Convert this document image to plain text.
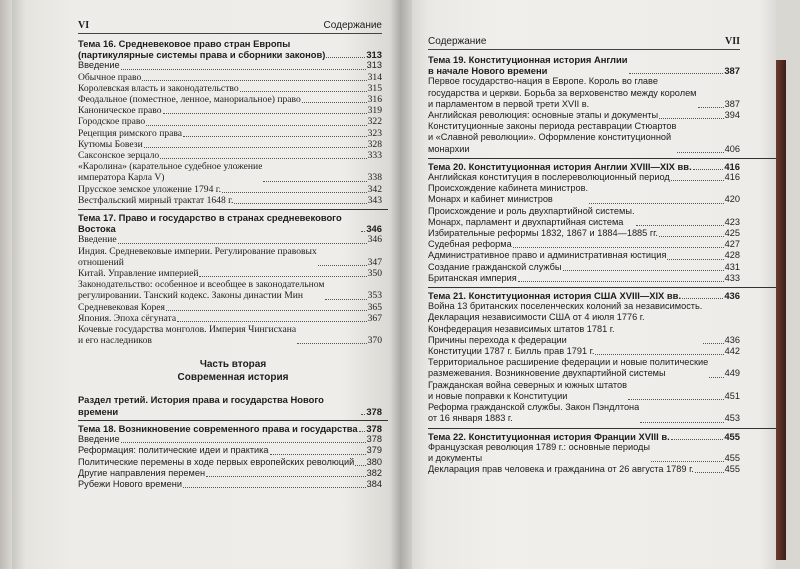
VI	Содержание
Тема 16. Средневековое право стран Европы
(партикулярные системы права и сборники законов)	313
Введение	313
Обычное право	314
Королевская власть и законодательство	315
Феодальное (поместное, ленное, манориальное) право	316
Каноническое право	319
Городское право	322
Рецепция римского права	323
Кутюмы Бовези	328
Саксонское зерцало	333
«Каролина» (карательное судебное уложение
императора Карла V)	338
Прусское земское уложение 1794 г.	342
Вестфальский мирный трактат 1648 г.	343
Тема 17. Право и государство в странах средневекового Востока	346
Введение	346
Индия. Средневековые империи. Регулирование правовых
отношений	347
Китай. Управление империей	350
Законодательство: особенное и всеобщее в законодательном
регулировании. Танский кодекс. Законы династии Мин	353
Средневековая Корея	365
Япония. Эпоха сёгуната	367
Кочевые государства монголов. Империя Чингисхана
и его наследников	370
Часть вторая
Современная история
Раздел третий. История права и государства Нового времени	378
Тема 18. Возникновение современного права и государства 378
Введение	378
Реформация: политические идеи и практика	379
Политические перемены в ходе первых европейских революций 380
Другие направления перемен	382
Рубежи Нового времени	384
Содержание	VII
Тема 19. Конституционная история Англии
в начале Нового времени	387
Первое государство-нация в Европе. Король во главе
государства и церкви. Борьба за верховенство между королем
и парламентом в первой трети XVII в.	387
Английская революция: основные этапы и документы	394
Конституционные законы периода реставрации Стюартов
и «Славной революции». Оформление конституционной
монархии	406
Тема 20. Конституционная история Англии XVIII—XIX вв.	416
Английская конституция в послереволюционный период	416
Происхождение кабинета министров.
Монарх и кабинет министров	420
Происхождение и роль двухпартийной системы.
Монарх, парламент и двухпартийная система	423
Избирательные реформы 1832, 1867 и 1884—1885 гг.	425
Судебная реформа	427
Административное право и административная юстиция	428
Создание гражданской службы	431
Британская империя	433
Тема 21. Конституционная история США XVIII—XIX вв.	436
Война 13 британских поселенческих колоний за независимость.
Декларация независимости США от 4 июля 1776 г.
Конфедерация независимых штатов 1781 г.
Причины перехода к федерации	436
Конституции 1787 г. Билль прав 1791 г.	442
Территориальное расширение федерации и новые политические
размежевания. Возникновение двухпартийной системы	449
Гражданская война северных и южных штатов
и новые поправки к Конституции	451
Реформа гражданской службы. Закон Пэндлтона
от 16 января 1883 г.	453
Тема 22. Конституционная история Франции XVIII в.	455
Французская революция 1789 г.: основные периоды
и документы	455
Декларация прав человека и гражданина от 26 августа 1789 г.	455
